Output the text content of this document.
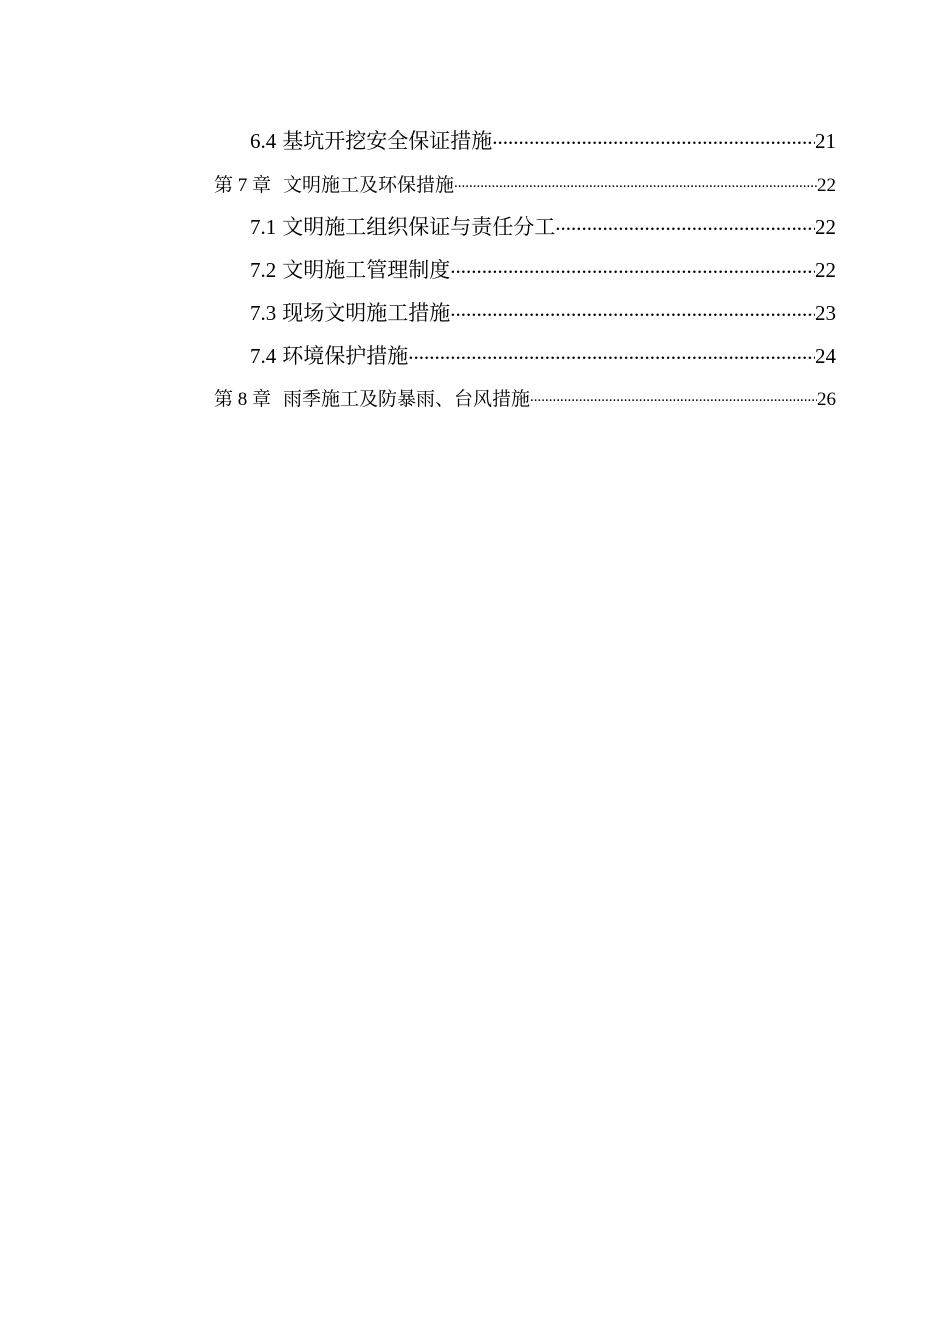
6.4 基坑开挖安全保证措施 .....	21
第 7 章 文明施工及环保措施 .....	22
7.1 文明施工组织保证与责任分工 .....	22
7.2 文明施工管理制度 .....	22
7.3 现场文明施工措施 .....	23
7.4 环境保护措施 .....	24
第 8 章 雨季施工及防暴雨、台风措施 .....	26
